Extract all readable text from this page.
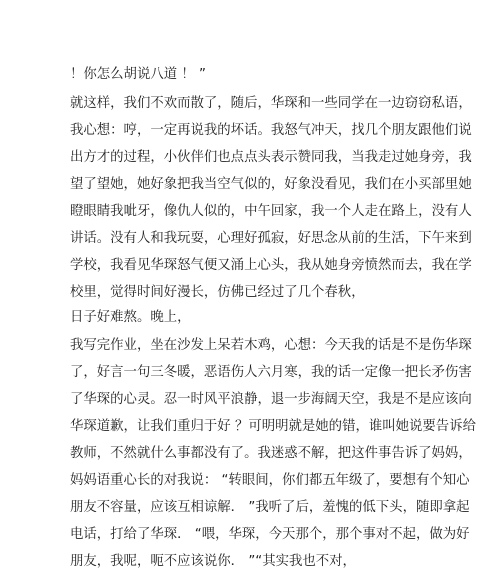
！你怎么胡说八道 ！ ”
就这样，我们不欢而散了，随后，华琛和一些同学在一边窃窃私语，
我心想：哼，一定再说我的坏话。我怒气冲天，找几个朋友跟他们说
出方才的过程，小伙伴们也点点头表示赞同我，当我走过她身旁，我
望了望她，她好象把我当空气似的，好象没看见，我们在小买部里她
瞪眼睛我呲牙，像仇人似的，中午回家，我一个人走在路上，没有人
讲话。没有人和我玩耍，心理好孤寂，好思念从前的生活，下午来到
学校，我看见华琛怒气便又涌上心头，我从她身旁愤然而去，我在学
校里，觉得时间好漫长，仿佛已经过了几个春秋，
日子好难熬。晚上，
我写完作业，坐在沙发上呆若木鸡，心想：今天我的话是不是伤华琛
了，好言一句三冬暖，恶语伤人六月寒，我的话一定像一把长矛伤害
了华琛的心灵。忍一时风平浪静，退一步海阔天空，我是不是应该向
华琛道歉，让我们重归于好 ？可明明就是她的错，谁叫她说要告诉给
教师，不然就什么事都没有了。我迷惑不解，把这件事告诉了妈妈，
妈妈语重心长的对我说： “转眼间，你们都五年级了，要想有个知心
朋友不容量，应该互相谅解． ”我听了后，羞愧的低下头，随即拿起
电话，打给了华琛． “喂，华琛，今天那个，那个事对不起，做为好
朋友，我呢，呃不应该说你． ”“其实我也不对，
